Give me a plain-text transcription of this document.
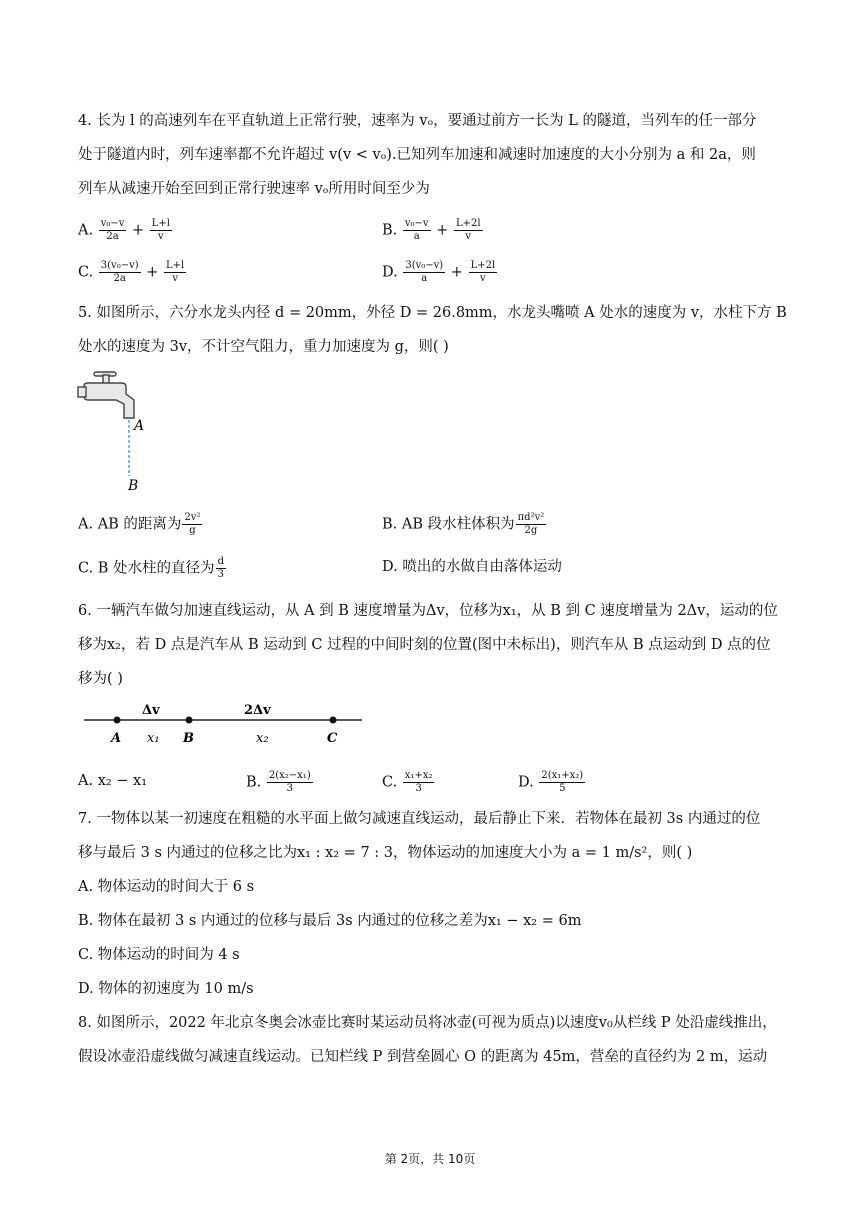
4. 长为 l 的高速列车在平直轨道上正常行驶，速率为 vₒ，要通过前方一长为 L 的隧道，当列车的任一部分
处于隧道内时，列车速率都不允许超过 v(v < vₒ).已知列车加速和减速时加速度的大小分别为 a 和 2a，则
列车从减速开始至回到正常行驶速率 vₒ所用时间至少为
A. $\frac{\text{v₀−v}}{2a} + \frac{L+l}{v}$	B. $\frac{\text{v₀−v}}{a} + \frac{L+2l}{v}$
C. $\frac{\text{3(v₀−v)}}{2a} + \frac{L+l}{v}$	D. $\frac{\text{3(v₀−v)}}{a} + \frac{L+2l}{v}$
5. 如图所示，六分水龙头内径 d = 20mm，外径 D = 26.8mm，水龙头嘴喷 A 处水的速度为 v，水柱下方 B
处水的速度为 3v，不计空气阻力，重力加速度为 g，则( )
A
B
A. AB 的距离为 $\frac{\text{2v²}}{g}$	B. AB 段水柱体积为 $\frac{\text{πd²v²}}{2g}$
C. B 处水柱的直径为 $\frac{d}{3}$	D. 喷出的水做自由落体运动
6. 一辆汽车做匀加速直线运动，从 A 到 B 速度增量为Δv，位移为x₁，从 B 到 C 速度增量为 2Δv，运动的位
移为x₂，若 D 点是汽车从 B 运动到 C 过程的中间时刻的位置(图中未标出)，则汽车从 B 点运动到 D 点的位
移为( )
Δv	2Δv
A x₁ B	x₂	C
A. x₂ − x₁	B. $\frac{\text{2(x₂−x₁)}}{3}$	C. $\frac{\text{x₁+x₂}}{3}$	D. $\frac{\text{2(x₁+x₂)}}{5}$
7. 一物体以某一初速度在粗糙的水平面上做匀减速直线运动，最后静止下来．若物体在最初 3s 内通过的位
移与最后 3 s 内通过的位移之比为x₁ : x₂ = 7 : 3，物体运动的加速度大小为 a = 1 m/s²，则( )
A. 物体运动的时间大于 6 s
B. 物体在最初 3 s 内通过的位移与最后 3s 内通过的位移之差为x₁ − x₂ = 6m
C. 物体运动的时间为 4 s
D. 物体的初速度为 10 m/s
8. 如图所示，2022 年北京冬奥会冰壶比赛时某运动员将冰壶(可视为质点)以速度v₀从栏线 P 处沿虚线推出，
假设冰壶沿虚线做匀减速直线运动。已知栏线 P 到营垒圆心 O 的距离为 45m，营垒的直径约为 2 m，运动
第 2页，共 10页
